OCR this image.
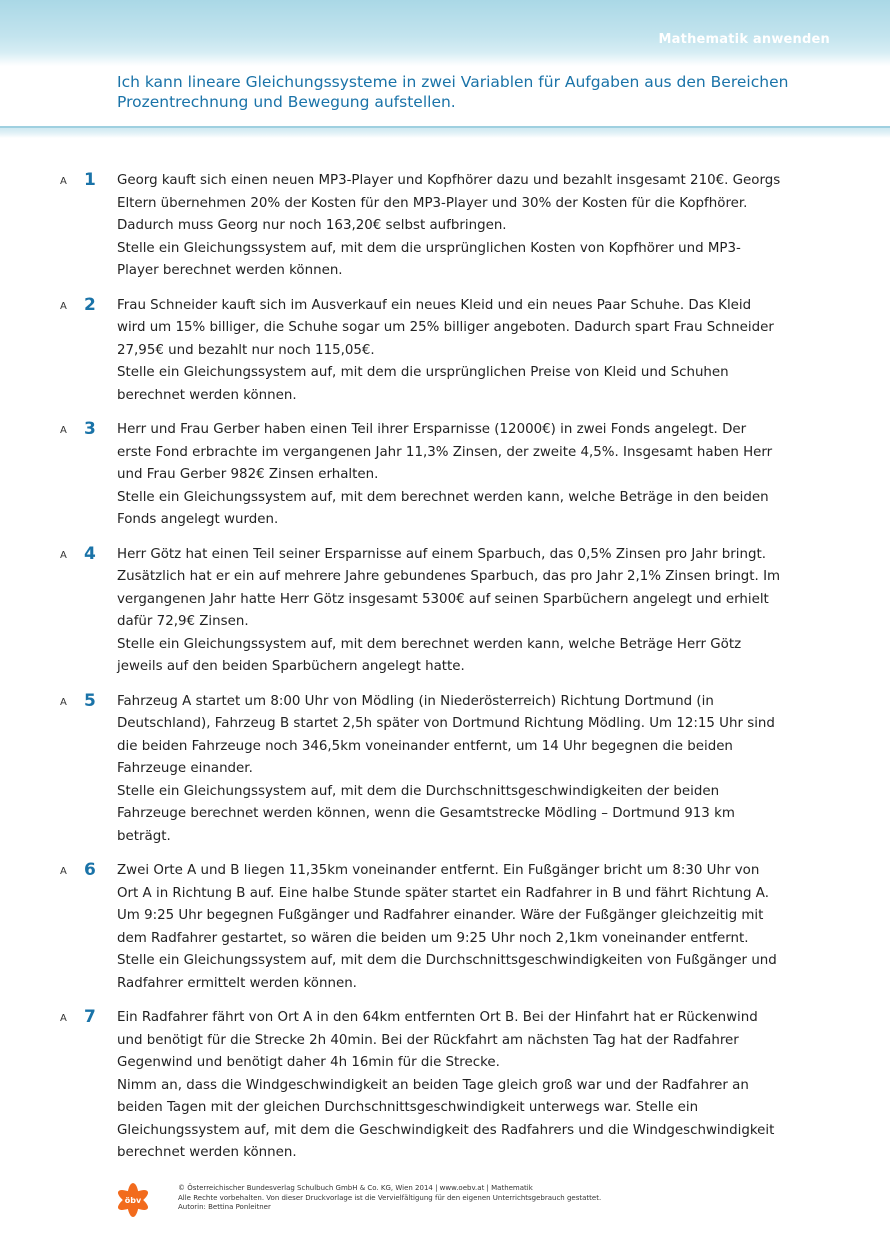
Mathematik anwenden
Ich kann lineare Gleichungssysteme in zwei Variablen für Aufgaben aus den Bereichen Prozentrechnung und Bewegung aufstellen.
A 1 Georg kauft sich einen neuen MP3-Player und Kopfhörer dazu und bezahlt insgesamt 210€. Georgs Eltern übernehmen 20% der Kosten für den MP3-Player und 30% der Kosten für die Kopfhörer. Dadurch muss Georg nur noch 163,20€ selbst aufbringen.

Stelle ein Gleichungssystem auf, mit dem die ursprünglichen Kosten von Kopfhörer und MP3-Player berechnet werden können.

A 2 Frau Schneider kauft sich im Ausverkauf ein neues Kleid und ein neues Paar Schuhe. Das Kleid wird um 15% billiger, die Schuhe sogar um 25% billiger angeboten. Dadurch spart Frau Schneider 27,95€ und bezahlt nur noch 115,05€.

Stelle ein Gleichungssystem auf, mit dem die ursprünglichen Preise von Kleid und Schuhen berechnet werden können.

A 3 Herr und Frau Gerber haben einen Teil ihrer Ersparnisse (12000€) in zwei Fonds angelegt. Der erste Fond erbrachte im vergangenen Jahr 11,3% Zinsen, der zweite 4,5%. Insgesamt haben Herr und Frau Gerber 982€ Zinsen erhalten.

Stelle ein Gleichungssystem auf, mit dem berechnet werden kann, welche Beträge in den beiden Fonds angelegt wurden.

A 4 Herr Götz hat einen Teil seiner Ersparnisse auf einem Sparbuch, das 0,5% Zinsen pro Jahr bringt. Zusätzlich hat er ein auf mehrere Jahre gebundenes Sparbuch, das pro Jahr 2,1% Zinsen bringt. Im vergangenen Jahr hatte Herr Götz insgesamt 5300€ auf seinen Sparbüchern angelegt und erhielt dafür 72,9€ Zinsen.

Stelle ein Gleichungssystem auf, mit dem berechnet werden kann, welche Beträge Herr Götz jeweils auf den beiden Sparbüchern angelegt hatte.

A 5 Fahrzeug A startet um 8:00 Uhr von Mödling (in Niederösterreich) Richtung Dortmund (in Deutschland), Fahrzeug B startet 2,5h später von Dortmund Richtung Mödling. Um 12:15 Uhr sind die beiden Fahrzeuge noch 346,5km voneinander entfernt, um 14 Uhr begegnen die beiden Fahrzeuge einander.

Stelle ein Gleichungssystem auf, mit dem die Durchschnittsgeschwindigkeiten der beiden Fahrzeuge berechnet werden können, wenn die Gesamtstrecke Mödling – Dortmund 913 km beträgt.

A 6 Zwei Orte A und B liegen 11,35km voneinander entfernt. Ein Fußgänger bricht um 8:30 Uhr von Ort A in Richtung B auf. Eine halbe Stunde später startet ein Radfahrer in B und fährt Richtung A. Um 9:25 Uhr begegnen Fußgänger und Radfahrer einander. Wäre der Fußgänger gleichzeitig mit dem Radfahrer gestartet, so wären die beiden um 9:25 Uhr noch 2,1km voneinander entfernt.

Stelle ein Gleichungssystem auf, mit dem die Durchschnittsgeschwindigkeiten von Fußgänger und Radfahrer ermittelt werden können.

A 7 Ein Radfahrer fährt von Ort A in den 64km entfernten Ort B. Bei der Hinfahrt hat er Rückenwind und benötigt für die Strecke 2h 40min. Bei der Rückfahrt am nächsten Tag hat der Radfahrer Gegenwind und benötigt daher 4h 16min für die Strecke.

Nimm an, dass die Windgeschwindigkeit an beiden Tage gleich groß war und der Radfahrer an beiden Tagen mit der gleichen Durchschnittsgeschwindigkeit unterwegs war. Stelle ein Gleichungssystem auf, mit dem die Geschwindigkeit des Radfahrers und die Windgeschwindigkeit berechnet werden können.

öbv
© Österreichischer Bundesverlag Schulbuch GmbH & Co. KG, Wien 2014 | www.oebv.at | Mathematik
Alle Rechte vorbehalten. Von dieser Druckvorlage ist die Vervielfältigung für den eigenen Unterrichtsgebrauch gestattet.
Autorin: Bettina Ponleitner
